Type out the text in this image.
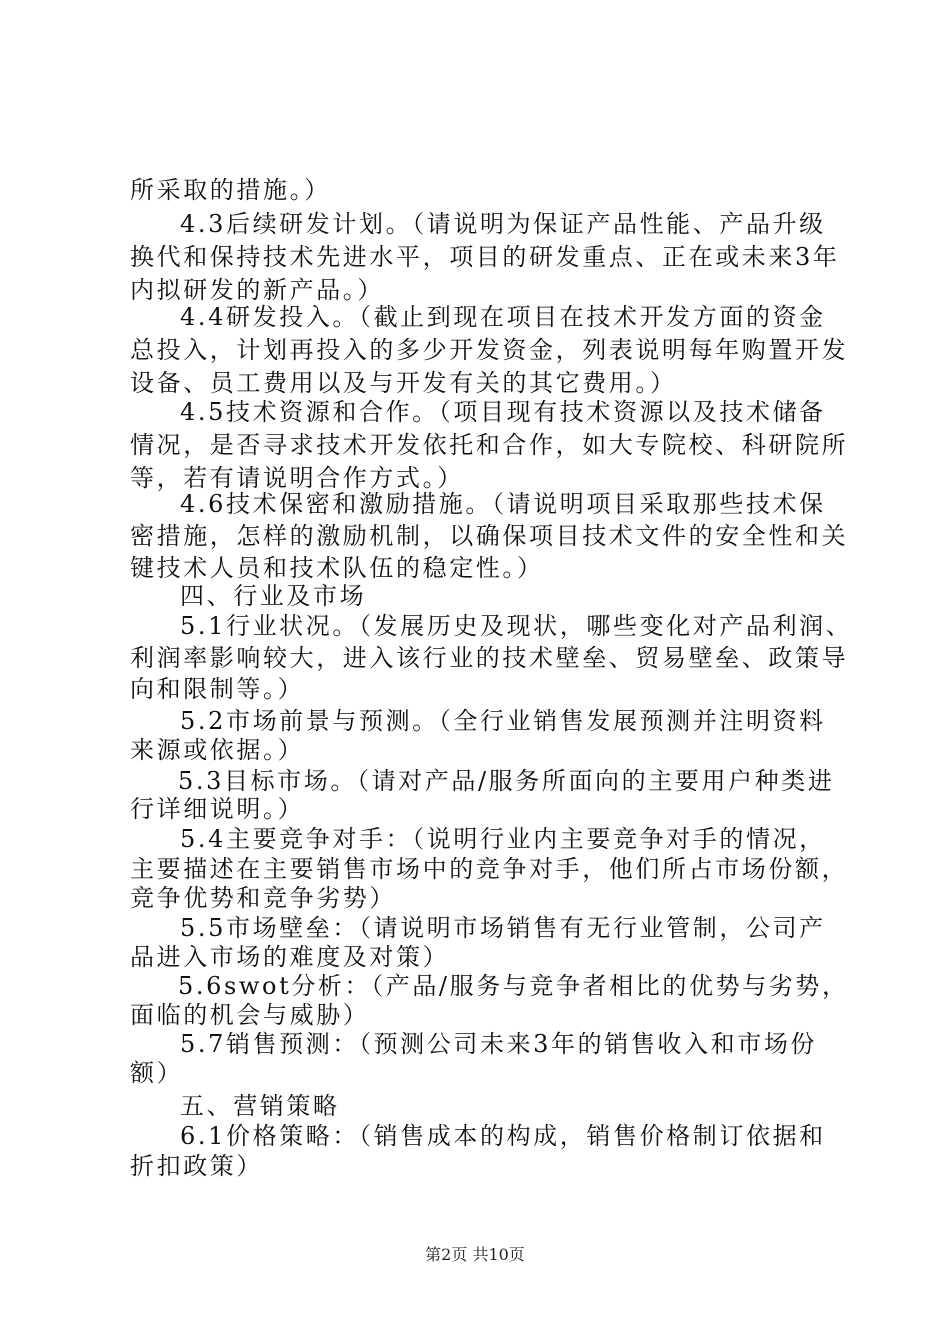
所采取的措施。）
4.3后续研发计划。（请说明为保证产品性能、产品升级
换代和保持技术先进水平，项目的研发重点、正在或未来3年
内拟研发的新产品。）
4.4研发投入。（截止到现在项目在技术开发方面的资金
总投入，计划再投入的多少开发资金，列表说明每年购置开发
设备、员工费用以及与开发有关的其它费用。）
4.5技术资源和合作。（项目现有技术资源以及技术储备
情况，是否寻求技术开发依托和合作，如大专院校、科研院所
等，若有请说明合作方式。）
4.6技术保密和激励措施。（请说明项目采取那些技术保
密措施，怎样的激励机制，以确保项目技术文件的安全性和关
键技术人员和技术队伍的稳定性。）
四、行业及市场
5.1行业状况。（发展历史及现状，哪些变化对产品利润、
利润率影响较大，进入该行业的技术壁垒、贸易壁垒、政策导
向和限制等。）
5.2市场前景与预测。（全行业销售发展预测并注明资料
来源或依据。）
5.3目标市场。（请对产品/服务所面向的主要用户种类进
行详细说明。）
5.4主要竞争对手：（说明行业内主要竞争对手的情况，
主要描述在主要销售市场中的竞争对手，他们所占市场份额，
竞争优势和竞争劣势）
5.5市场壁垒：（请说明市场销售有无行业管制，公司产
品进入市场的难度及对策）
5.6swot分析：（产品/服务与竞争者相比的优势与劣势，
面临的机会与威胁）
5.7销售预测：（预测公司未来3年的销售收入和市场份
额）
五、营销策略
6.1价格策略：（销售成本的构成，销售价格制订依据和
折扣政策）
第2页 共10页
